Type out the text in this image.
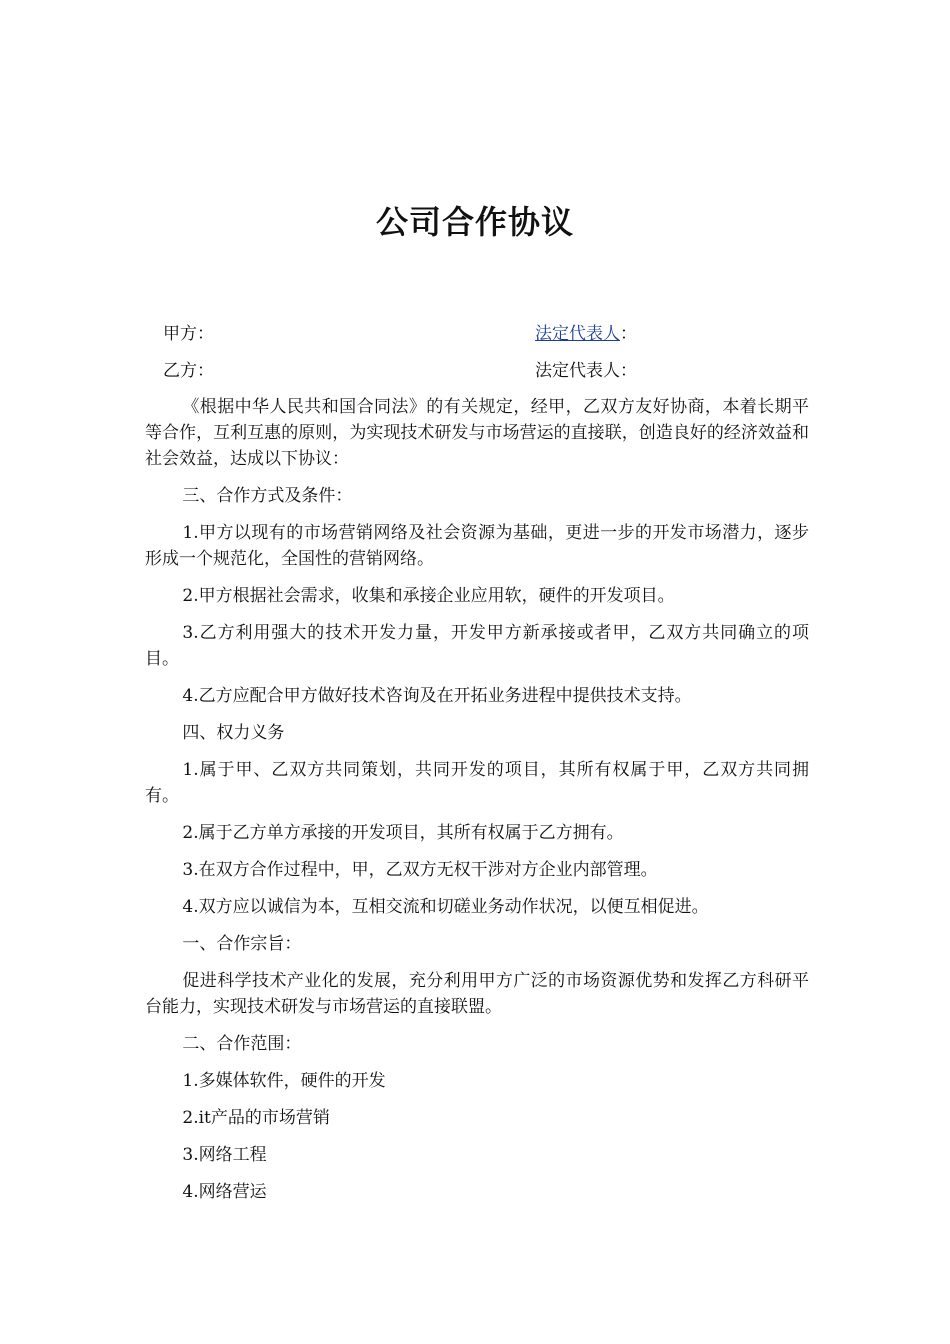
公司合作协议
甲方：	法定代表人：
乙方：	法定代表人：

《根据中华人民共和国合同法》的有关规定，经甲，乙双方友好协商，本着长期平等合作，互利互惠的原则，为实现技术研发与市场营运的直接联，创造良好的经济效益和社会效益，达成以下协议：

三、合作方式及条件：

1.甲方以现有的市场营销网络及社会资源为基础，更进一步的开发市场潜力，逐步形成一个规范化，全国性的营销网络。

2.甲方根据社会需求，收集和承接企业应用软，硬件的开发项目。

3.乙方利用强大的技术开发力量，开发甲方新承接或者甲，乙双方共同确立的项目。

4.乙方应配合甲方做好技术咨询及在开拓业务进程中提供技术支持。

四、权力义务

1.属于甲、乙双方共同策划，共同开发的项目，其所有权属于甲，乙双方共同拥有。

2.属于乙方单方承接的开发项目，其所有权属于乙方拥有。

3.在双方合作过程中，甲，乙双方无权干涉对方企业内部管理。

4.双方应以诚信为本，互相交流和切磋业务动作状况，以便互相促进。

一、合作宗旨：

促进科学技术产业化的发展，充分利用甲方广泛的市场资源优势和发挥乙方科研平台能力，实现技术研发与市场营运的直接联盟。

二、合作范围：

1.多媒体软件，硬件的开发

2.it产品的市场营销

3.网络工程

4.网络营运
